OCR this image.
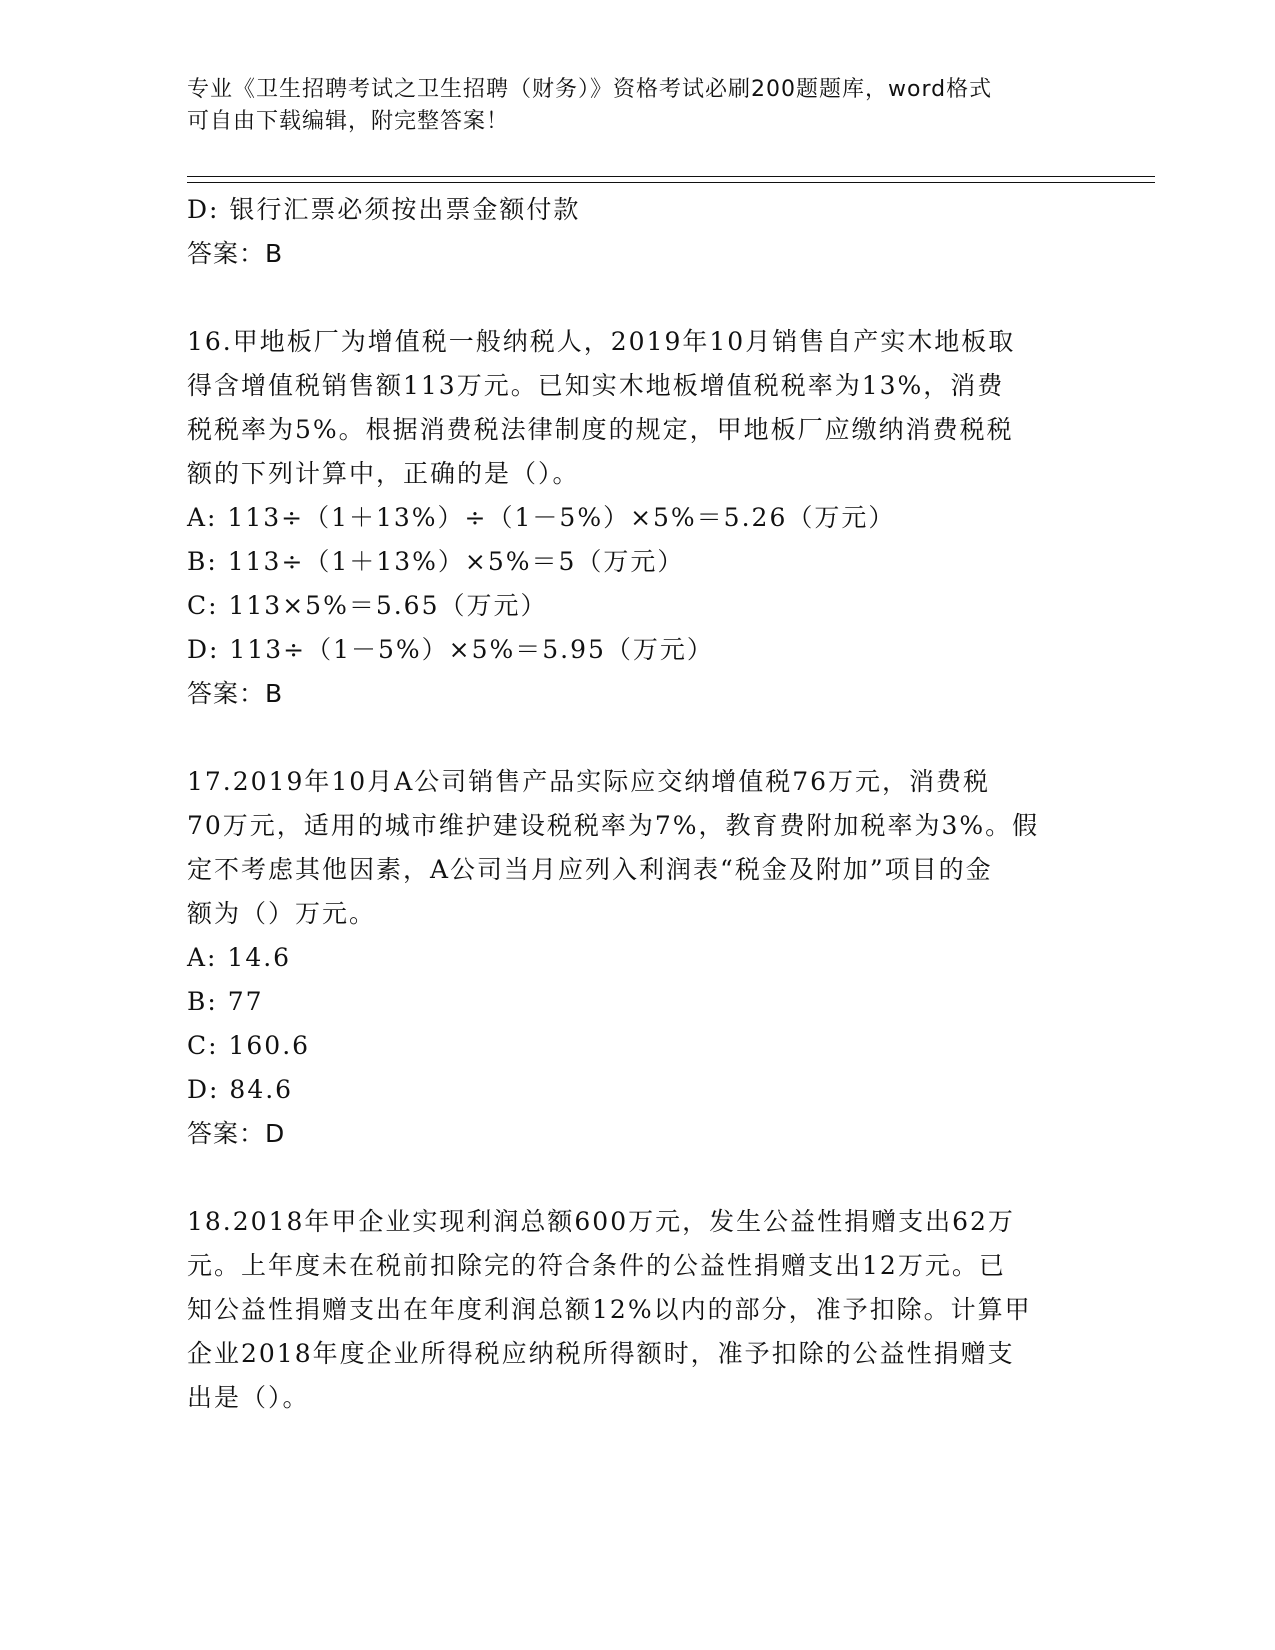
专业《卫生招聘考试之卫生招聘（财务）》资格考试必刷200题题库，word格式
可自由下载编辑，附完整答案！
D: 银行汇票必须按出票金额付款
答案：B
16.甲地板厂为增值税一般纳税人，2019年10月销售自产实木地板取
得含增值税销售额113万元。已知实木地板增值税税率为13%，消费
税税率为5%。根据消费税法律制度的规定，甲地板厂应缴纳消费税税
额的下列计算中，正确的是（）。
A: 113÷（1＋13%）÷（1－5%）×5%＝5.26（万元）
B: 113÷（1＋13%）×5%＝5（万元）
C: 113×5%＝5.65（万元）
D: 113÷（1－5%）×5%＝5.95（万元）
答案：B
17.2019年10月A公司销售产品实际应交纳增值税76万元，消费税
70万元，适用的城市维护建设税税率为7%，教育费附加税率为3%。假
定不考虑其他因素，A公司当月应列入利润表“税金及附加”项目的金
额为（）万元。
A: 14.6
B: 77
C: 160.6
D: 84.6
答案：D
18.2018年甲企业实现利润总额600万元，发生公益性捐赠支出62万
元。上年度未在税前扣除完的符合条件的公益性捐赠支出12万元。已
知公益性捐赠支出在年度利润总额12%以内的部分，准予扣除。计算甲
企业2018年度企业所得税应纳税所得额时，准予扣除的公益性捐赠支
出是（）。
